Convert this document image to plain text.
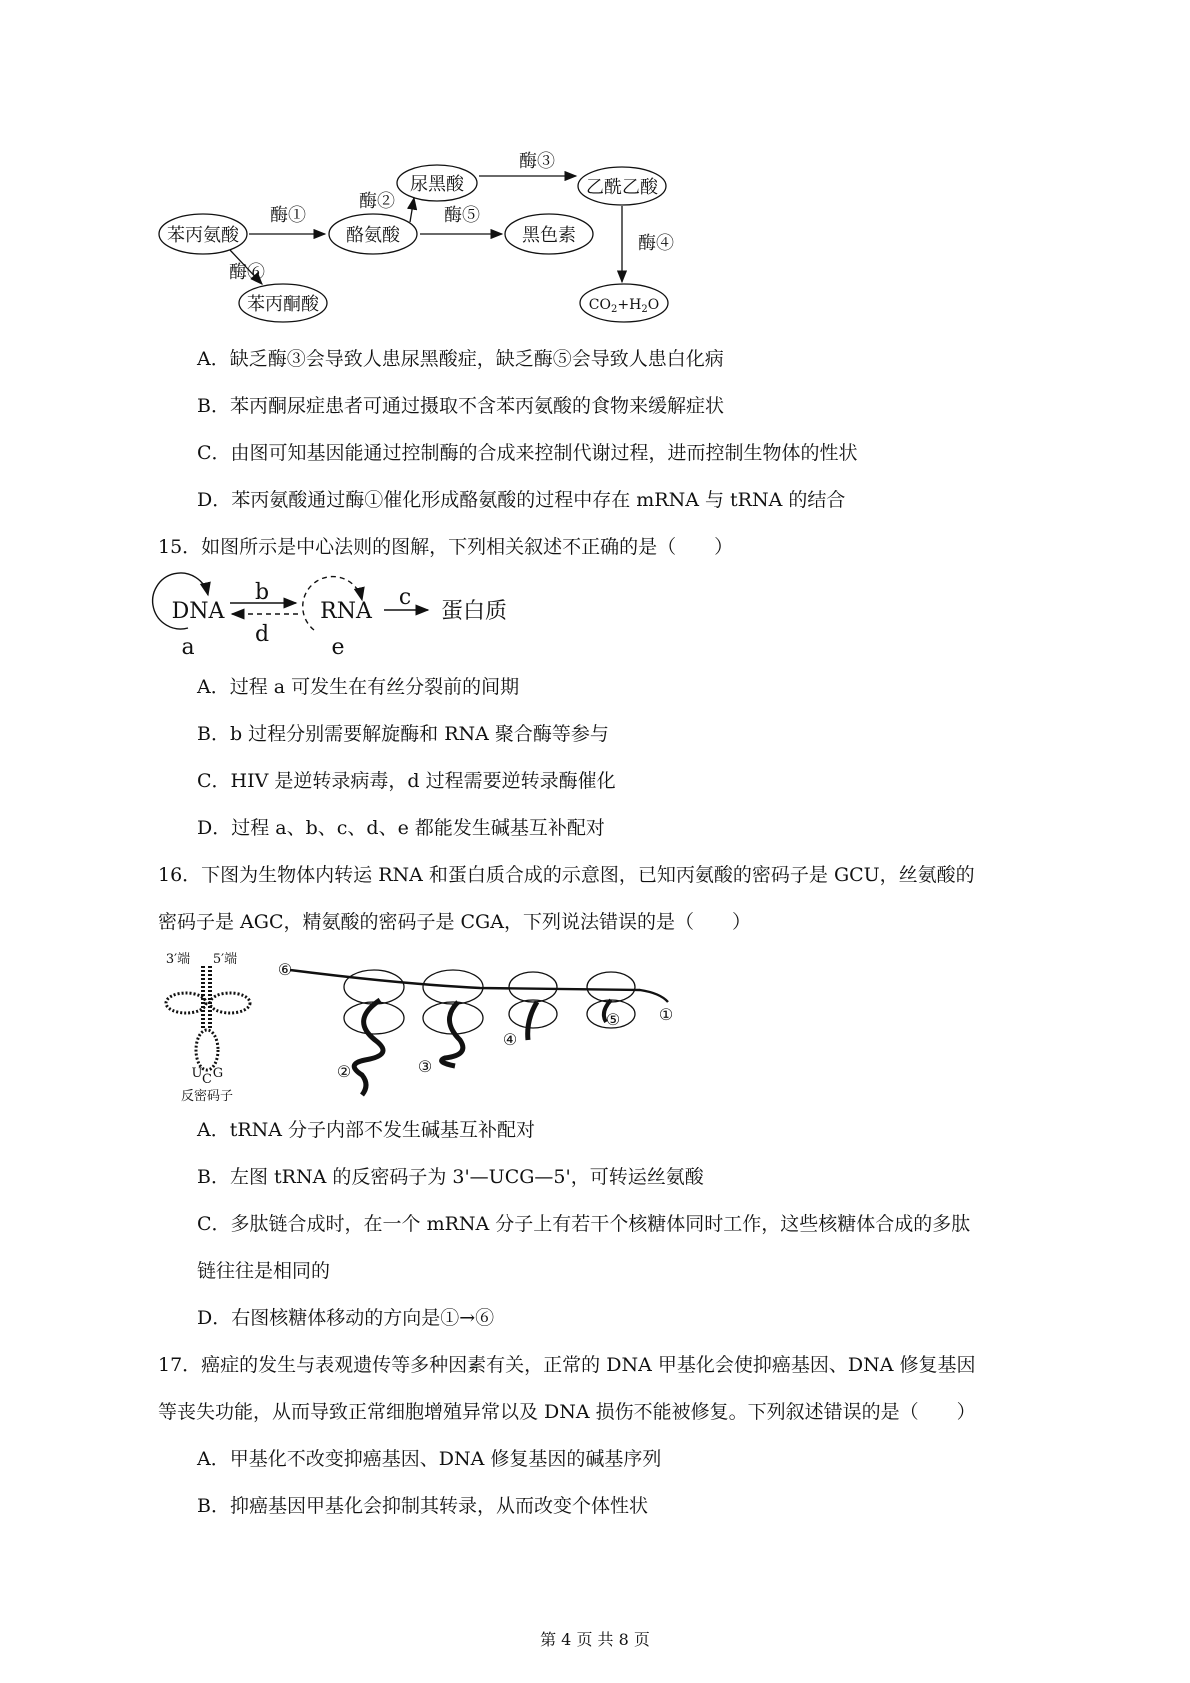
苯丙氨酸	酪氨酸
尿黑酸	乙酰乙酸
黑色素
苯丙酮酸	$CO_2+H_2O$
酶①
酶②
酶③
酶④
酶⑤
酶⑥
A．缺乏酶③会导致人患尿黑酸症，缺乏酶⑤会导致人患白化病
B．苯丙酮尿症患者可通过摄取不含苯丙氨酸的食物来缓解症状
C．由图可知基因能通过控制酶的合成来控制代谢过程，进而控制生物体的性状
D．苯丙氨酸通过酶①催化形成酪氨酸的过程中存在 mRNA 与 tRNA 的结合
15．如图所示是中心法则的图解，下列相关叙述不正确的是（　　）
DNA	RNA	蛋白质
a
b	c
d
e
A．过程 a 可发生在有丝分裂前的间期
B．b 过程分别需要解旋酶和 RNA 聚合酶等参与
C．HIV 是逆转录病毒，d 过程需要逆转录酶催化
D．过程 a、b、c、d、e 都能发生碱基互补配对
16．下图为生物体内转运 RNA 和蛋白质合成的示意图，已知丙氨酸的密码子是 GCU，丝氨酸的
密码子是 AGC，精氨酸的密码子是 CGA，下列说法错误的是（　　）
3′端 5′端
U C G
反密码子
⑥
①
②	③
④
⑤
A．tRNA 分子内部不发生碱基互补配对
B．左图 tRNA 的反密码子为 3'—UCG—5'，可转运丝氨酸
C．多肽链合成时，在一个 mRNA 分子上有若干个核糖体同时工作，这些核糖体合成的多肽
链往往是相同的
D．右图核糖体移动的方向是①→⑥
17．癌症的发生与表观遗传等多种因素有关，正常的 DNA 甲基化会使抑癌基因、DNA 修复基因
等丧失功能，从而导致正常细胞增殖异常以及 DNA 损伤不能被修复。下列叙述错误的是（　　）
A．甲基化不改变抑癌基因、DNA 修复基因的碱基序列
B．抑癌基因甲基化会抑制其转录，从而改变个体性状
第 4 页 共 8 页
